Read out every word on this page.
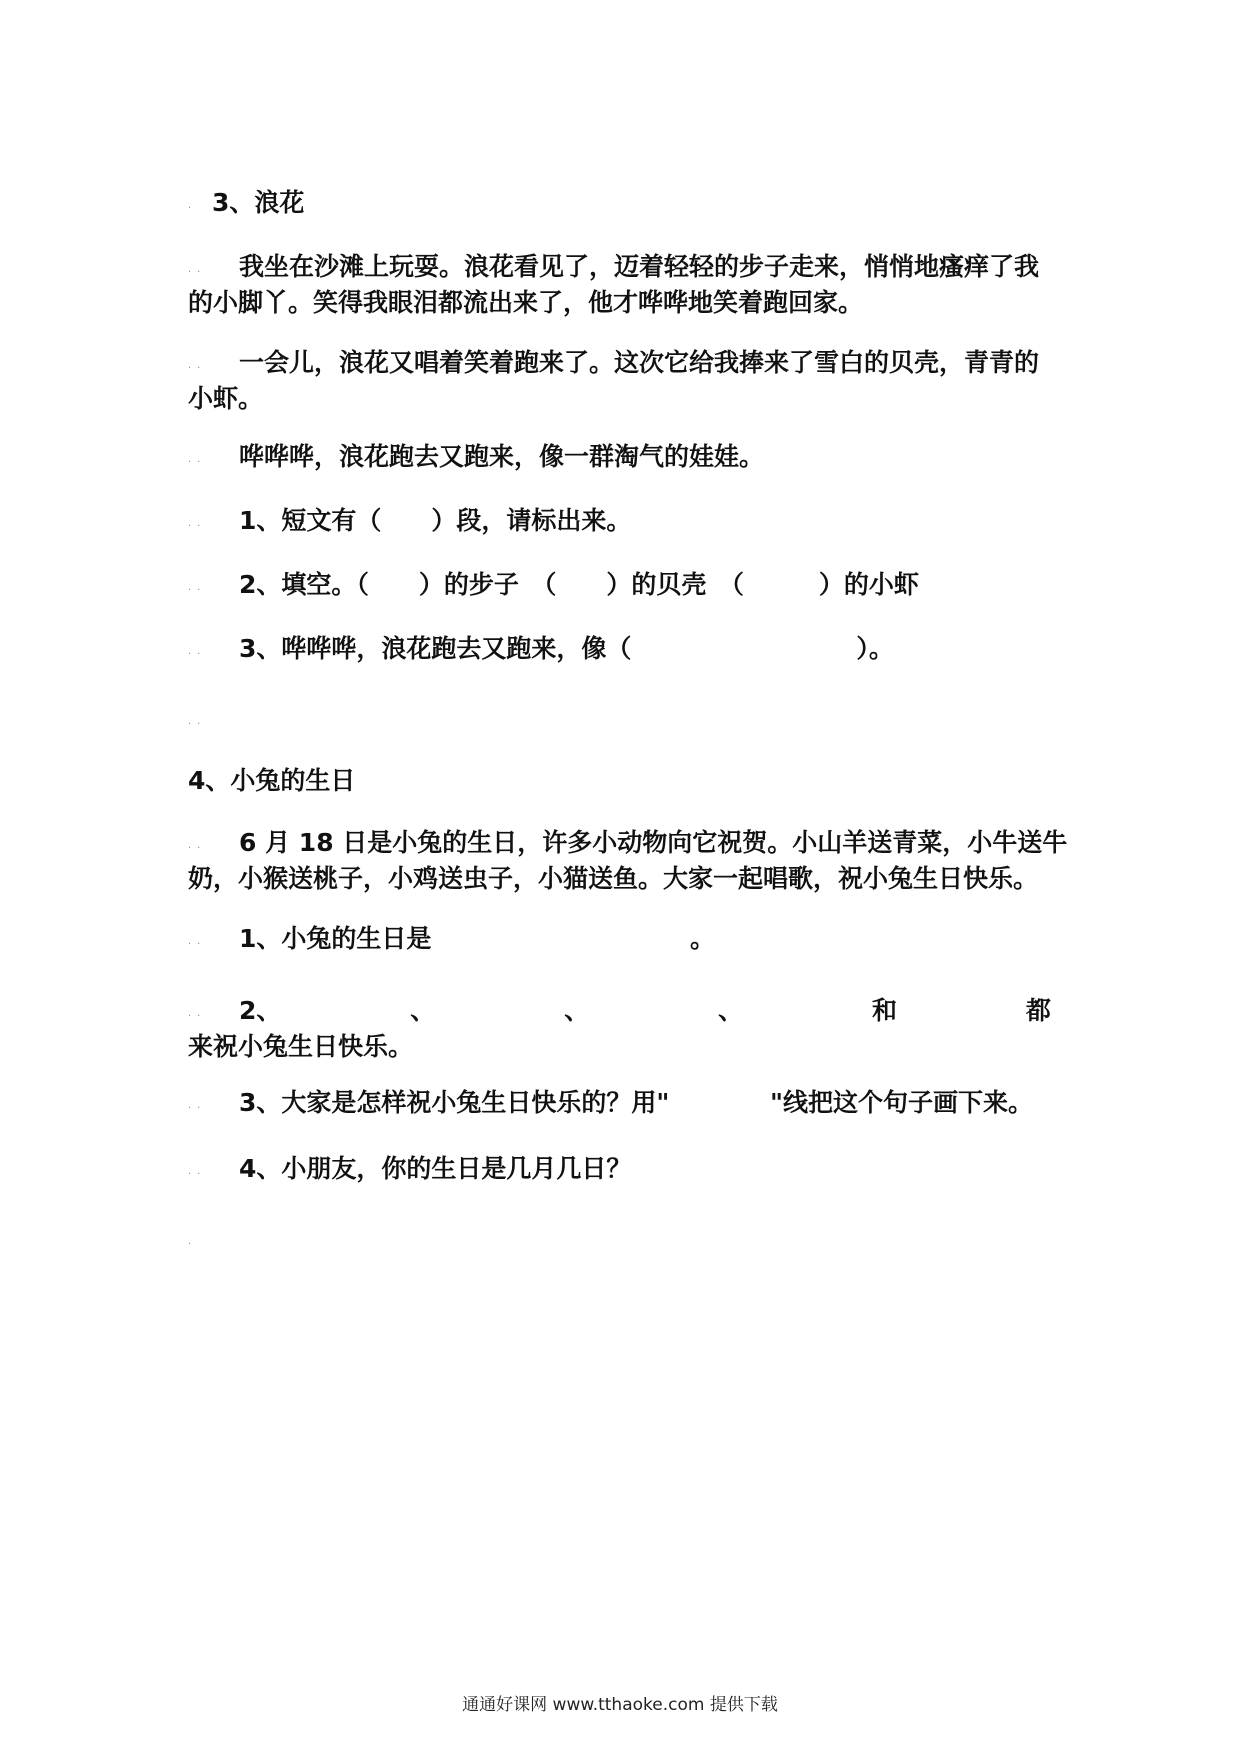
. 3、浪花
.. 我坐在沙滩上玩耍。浪花看见了，迈着轻轻的步子走来，悄悄地瘙痒了我
的小脚丫。笑得我眼泪都流出来了，他才哗哗地笑着跑回家。
.. 一会儿，浪花又唱着笑着跑来了。这次它给我捧来了雪白的贝壳，青青的
小虾。
.. 哗哗哗，浪花跑去又跑来，像一群淘气的娃娃。
.. 1、短文有（　　）段，请标出来。
.. 2、填空。（　　）的步子　（　　）的贝壳　（　　　）的小虾
.. 3、哗哗哗，浪花跑去又跑来，像（　　　　　　　　　）。
..
4、小兔的生日
.. 6 月 18 日是小兔的生日，许多小动物向它祝贺。小山羊送青菜，小牛送牛
奶，小猴送桃子，小鸡送虫子，小猫送鱼。大家一起唱歌，祝小兔生日快乐。
.. 1、小兔的生日是	。
.. 2、	、	、	、	和	都
来祝小兔生日快乐。
.. 3、大家是怎样祝小兔生日快乐的？用"	"线把这个句子画下来。
.. 4、小朋友，你的生日是几月几日？
.
通通好课网 www.tthaoke.com 提供下载
